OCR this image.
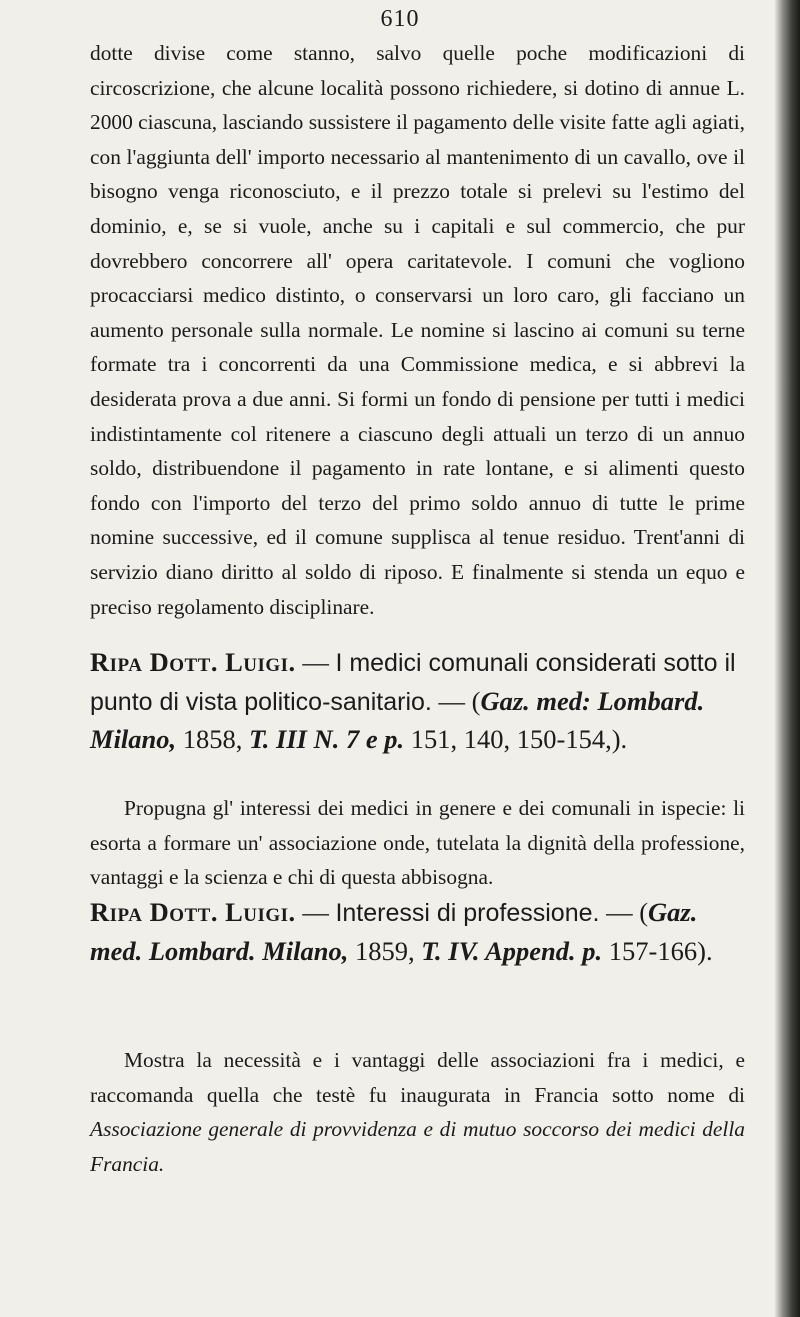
610

dotte divise come stanno, salvo quelle poche modificazioni di circoscrizione, che alcune località possono richiedere, si dotino di annue L. 2000 ciascuna, lasciando sussistere il pagamento delle visite fatte agli agiati, con l'aggiunta dell' importo necessario al mantenimento di un cavallo, ove il bisogno venga riconosciuto, e il prezzo totale si prelevi su l'estimo del dominio, e, se si vuole, anche su i capitali e sul commercio, che pur dovrebbero concorrere all' opera caritatevole. I comuni che vogliono procacciarsi medico distinto, o conservarsi un loro caro, gli facciano un aumento personale sulla normale. Le nomine si lascino ai comuni su terne formate tra i concorrenti da una Commissione medica, e si abbrevi la desiderata prova a due anni. Si formi un fondo di pensione per tutti i medici indistintamente col ritenere a ciascuno degli attuali un terzo di un annuo soldo, distribuendone il pagamento in rate lontane, e si alimenti questo fondo con l'importo del terzo del primo soldo annuo di tutte le prime nomine successive, ed il comune supplisca al tenue residuo. Trent'anni di servizio diano diritto al soldo di riposo. E finalmente si stenda un equo e preciso regolamento disciplinare.

Ripa Dott. Luigi. — I medici comunali considerati sotto il punto di vista politico-sanitario. — (Gaz. med: Lombard. Milano, 1858, T. III N. 7 e p. 151, 140, 150-154,).

Propugna gl' interessi dei medici in genere e dei comunali in ispecie: li esorta a formare un' associazione onde, tutelata la dignità della professione, vantaggi e la scienza e chi di questa abbisogna.

Ripa Dott. Luigi. — Interessi di professione. — (Gaz. med. Lombard. Milano, 1859, T. IV. Append. p. 157-166).

Mostra la necessità e i vantaggi delle associazioni fra i medici, e raccomanda quella che testè fu inaugurata in Francia sotto nome di Associazione generale di provvidenza e di mutuo soccorso dei medici della Francia.
